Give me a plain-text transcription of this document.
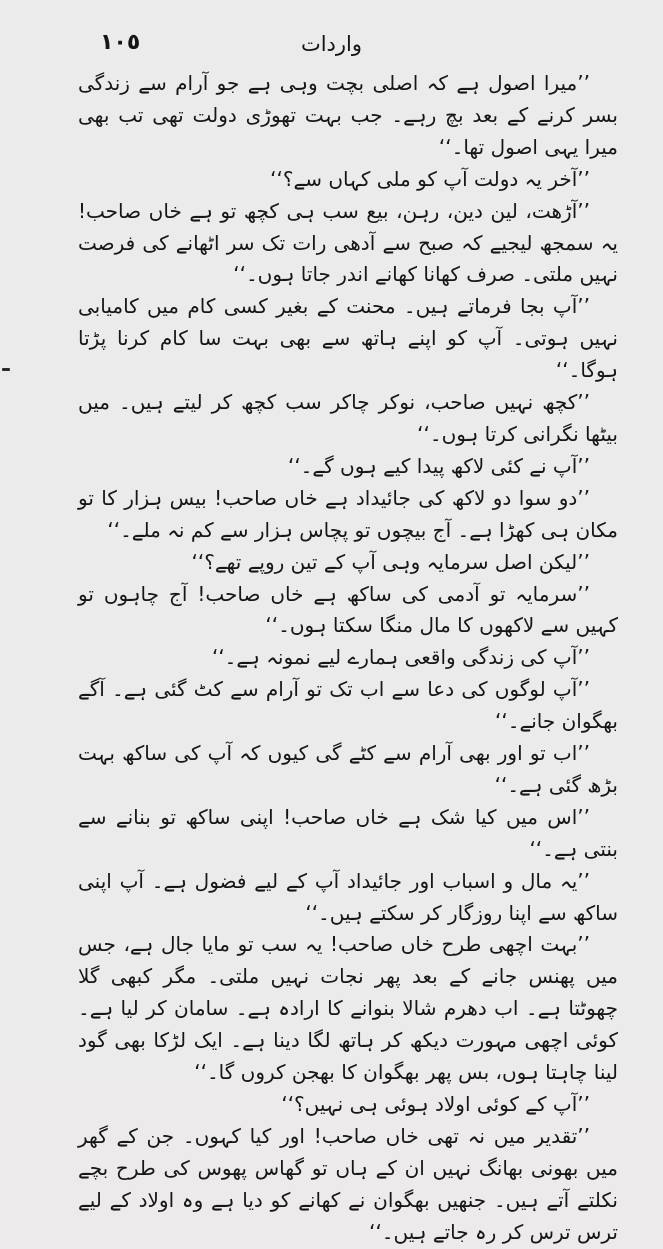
١٠٥	واردات

’’میرا اصول ہے کہ اصلی بچت وہی ہے جو آرام سے زندگی بسر کرنے کے بعد بچ رہے۔ جب بہت تھوڑی دولت تھی تب بھی میرا یہی اصول تھا۔‘‘

’’آخر یہ دولت آپ کو ملی کہاں سے؟‘‘

’’آڑھت، لین دین، رہن، بیع سب ہی کچھ تو ہے خاں صاحب! یہ سمجھ لیجیے کہ صبح سے آدھی رات تک سر اٹھانے کی فرصت نہیں ملتی۔ صرف کھانا کھانے اندر جاتا ہوں۔‘‘

’’آپ بجا فرماتے ہیں۔ محنت کے بغیر کسی کام میں کامیابی نہیں ہوتی۔ آپ کو اپنے ہاتھ سے بھی بہت سا کام کرنا پڑتا ہوگا۔‘‘

’’کچھ نہیں صاحب، نوکر چاکر سب کچھ کر لیتے ہیں۔ میں بیٹھا نگرانی کرتا ہوں۔‘‘

’’آپ نے کئی لاکھ پیدا کیے ہوں گے۔‘‘

’’دو سوا دو لاکھ کی جائیداد ہے خاں صاحب! بیس ہزار کا تو مکان ہی کھڑا ہے۔ آج بیچوں تو پچاس ہزار سے کم نہ ملے۔‘‘

’’لیکن اصل سرمایہ وہی آپ کے تین روپے تھے؟‘‘

’’سرمایہ تو آدمی کی ساکھ ہے خاں صاحب! آج چاہوں تو کہیں سے لاکھوں کا مال منگا سکتا ہوں۔‘‘

’’آپ کی زندگی واقعی ہمارے لیے نمونہ ہے۔‘‘

’’آپ لوگوں کی دعا سے اب تک تو آرام سے کٹ گئی ہے۔ آگے بھگوان جانے۔‘‘

’’اب تو اور بھی آرام سے کٹے گی کیوں کہ آپ کی ساکھ بہت بڑھ گئی ہے۔‘‘

’’اس میں کیا شک ہے خاں صاحب! اپنی ساکھ تو بنانے سے بنتی ہے۔‘‘

’’یہ مال و اسباب اور جائیداد آپ کے لیے فضول ہے۔ آپ اپنی ساکھ سے اپنا روزگار کر سکتے ہیں۔‘‘

’’بہت اچھی طرح خاں صاحب! یہ سب تو مایا جال ہے، جس میں پھنس جانے کے بعد پھر نجات نہیں ملتی۔ مگر کبھی گلا چھوٹتا ہے۔ اب دھرم شالا بنوانے کا ارادہ ہے۔ سامان کر لیا ہے۔ کوئی اچھی مہورت دیکھ کر ہاتھ لگا دینا ہے۔ ایک لڑکا بھی گود لینا چاہتا ہوں، بس پھر بھگوان کا بھجن کروں گا۔‘‘

’’آپ کے کوئی اولاد ہوئی ہی نہیں؟‘‘

’’تقدیر میں نہ تھی خاں صاحب! اور کیا کہوں۔ جن کے گھر میں بھونی بھانگ نہیں ان کے ہاں تو گھاس پھوس کی طرح بچے نکلتے آتے ہیں۔ جنھیں بھگوان نے کھانے کو دیا ہے وہ اولاد کے لیے ترس ترس کر رہ جاتے ہیں۔‘‘
